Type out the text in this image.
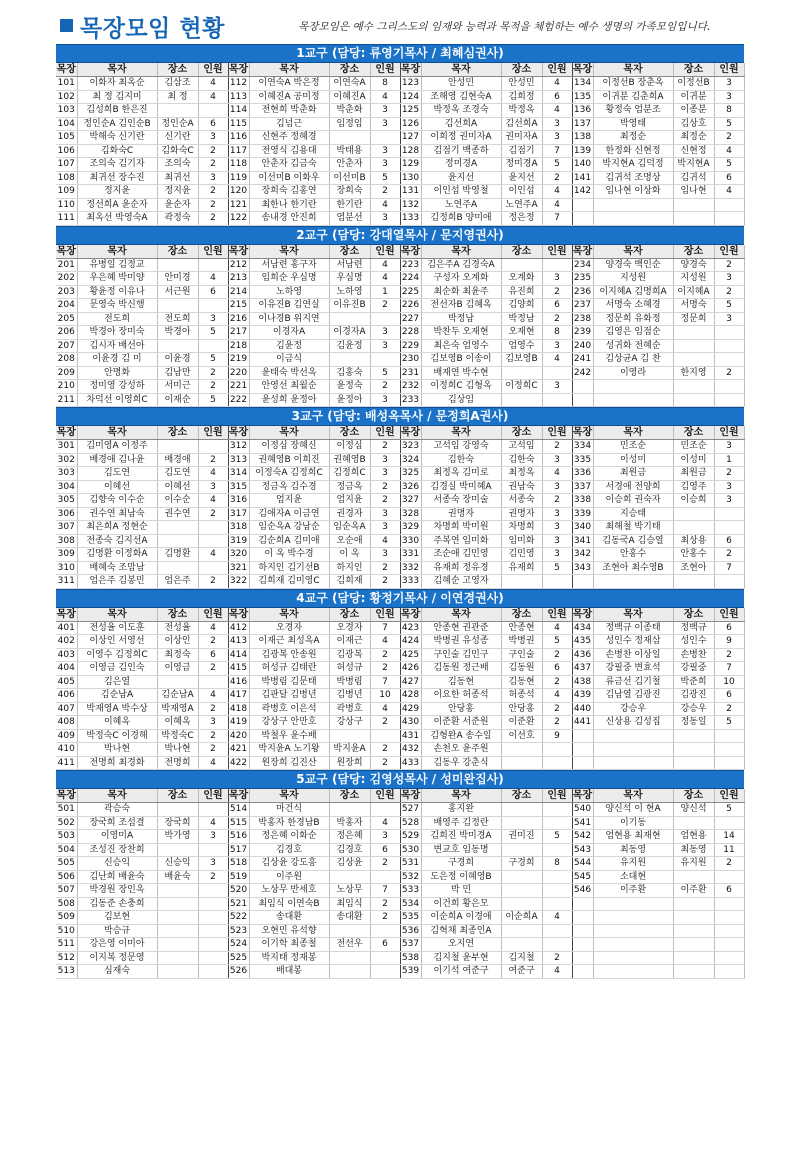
목장모임 현황	목장모임은 예수 그리스도의 임재와 능력과 목적을 체험하는 예수 생명의 가족모임입니다.
1교구 (담당: 류영기목사 / 최혜심권사)
목장	목자	장소	인원	목장	목자	장소	인원	목장	목자	장소	인원	목장	목자	장소	인원
101	이화자 최옥순	김삼조	4	112	이연숙A 박은정	이연숙A	8	123	안성민	안성민	4	134	이정선B 장춘옥	이정선B	3
102	최 정 김지미	최 정	4	113	이혜진A 공미정	이혜진A	4	124	조해영 김현숙A	김희정	6	135	이귀분 김춘희A	이귀분	3
103	김성희B 한은진			114	전현희 박춘화	박춘화	3	125	박정옥 조경숙	박정옥	4	136	황정숙 엄분조	이종분	8
104	정인순A 김인순B	정인순A	6	115	김넘근	임정임	3	126	김선희A	김선희A	3	137	박영태	김상호	5
105	박해숙 신기란	신기란	3	116	신현주 정혜경			127	이희정 권미자A	권미자A	3	138	최정순	최정순	2
106	김화숙C	김화숙C	2	117	전영식 김용대	박태용	3	128	김점기 백종하	김점기	7	139	한정화 신현정	신현정	4
107	조의숙 김기자	조의숙	2	118	안춘자 김금숙	안춘자	3	129	정미경A	정미경A	5	140	박지현A 김덕정	박지현A	5
108	최귀선 장수진	최귀선	3	119	이선미B 이화우	이선미B	5	130	윤지선	윤지선	2	141	김귀석 조명상	김귀석	6
109	정지윤	정지윤	2	120	장희숙 김홍연	장희숙	2	131	이인섭 박영철	이인섭	4	142	임나현 이상화	임나현	4
110	정선희A 윤순자	윤순자	2	121	최한나 한기란	한기란	4	132	노연주A	노연주A	4				
111	최옥선 박영숙A	곽정숙	2	122	송내경 안진희	염분선	3	133	김정희B 양미애	정은정	7				
2교구 (담당: 강대열목사 / 문지영권사)
목장	목자	장소	인원	목장	목자	장소	인원	목장	목자	장소	인원	목장	목자	장소	인원
201	유병일 김정교			212	서남련 홍구자	서남련	4	223	김은주A 김경숙A			234	양경숙 백인순	양경숙	2
202	우은혜 박미양	안미경	4	213	임희순 우심명	우심명	4	224	구성자 오계화	오계화	3	235	지성원	지성원	3
203	황윤정 이유나	서근원	6	214	노하영	노하영	1	225	최순화 최윤주	유진희	2	236	이지혜A 김명희A	이지혜A	2
204	문영숙 박신행			215	이유진B 김연실	이유진B	2	226	전선자B 김혜옥	김양희	6	237	서명숙 소혜경	서명숙	5
205	전도희	전도희	3	216	이나경B 위지연			227	박정남	박정남	2	238	정문희 유화정	정문희	3
206	박경아 장미숙	박경아	5	217	이경자A	이경자A	3	228	박찬두 오재현	오재현	8	239	김영은 임점순		
207	김시자 배선아			218	김윤정	김윤정	3	229	최은숙 엄영수	엄영수	3	240	성귀화 전혜순		
208	이윤경 김 미	이윤경	5	219	이금식			230	김보영B 이송이	김보영B	4	241	김상균A 김 찬		
209	안명화	김남만	2	220	윤태숙 박선옥	김홍숙	5	231	배재연 박수현			242	이영라	한지영	2
210	정미영 강성하	서미근	2	221	안영선 최월순	윤정숙	2	232	이정희C 김형옥	이정희C	3				
211	차덕선 이영희C	이재순	5	222	윤성희 윤정아	윤정아	3	233	김상임						
3교구 (담당: 배성옥목사 / 문정희A권사)
목장	목자	장소	인원	목장	목자	장소	인원	목장	목자	장소	인원	목장	목자	장소	인원
301	김미영A 이정주			312	이정심 장혜신	이정심	2	323	고석임 강영숙	고석임	2	334	민조순	민조순	3
302	배경애 김나윤	배경애	2	313	권혜영B 이희진	권혜영B	3	324	김한숙	김한숙	3	335	이성미	이성미	1
303	김도연	김도연	4	314	이정숙A 김정희C	김정희C	3	325	최정옥 김미로	최정옥	4	336	최원금	최원금	2
304	이혜선	이혜선	3	315	정금옥 김수경	정금옥	2	326	김경실 박미혜A	권남숙	3	337	서경애 전양희	김영주	3
305	김향숙 이수순	이수순	4	316	엄지윤	엄지윤	2	327	서종숙 장미술	서종숙	2	338	이승희 권숙자	이승희	3
306	권수연 최남숙	권수연	2	317	김애자A 이금연	권경자	3	328	권명자	권명자	3	339	지승태		
307	최은희A 정현순			318	임순옥A 강남순	임순옥A	3	329	차명희 박미원	차명희	3	340	최해철 박기태		
308	전종숙 김지선A			319	김순희A 김미애	오순애	4	330	주복연 임미화	임미화	3	341	김동국A 김승열	최상용	6
309	김명환 이정화A	김명환	4	320	이 옥 박수경	이 옥	3	331	조순애 김민영	김민영	3	342	안홍수	안홍수	2
310	배혜숙 조맘남			321	하지인 김기선B	하지인	2	332	유재희 정유경	유재희	5	343	조현아 최수영B	조현아	7
311	엄은주 김봉민	엄은주	2	322	김희재 김미영C	김희재	2	333	김혜순 고영자						
4교구 (담당: 황정기목사 / 이연경권사)
목장	목자	장소	인원	목장	목자	장소	인원	목장	목자	장소	인원	목장	목자	장소	인원
401	전성율 이도훈	전성율	4	412	오경자	오경자	7	423	안종현 권관준	안종현	4	434	정백규 이종태	정백규	6
402	이상인 서영선	이상인	2	413	이재근 최성옥A	이재근	4	424	박병권 유성종	박병권	5	435	성인수 정재삼	성인수	9
403	이영수 김정희C	최정숙	6	414	김광복 안송원	김광복	2	425	구인술 김민구	구인술	2	436	손병찬 이상일	손병찬	2
404	이영금 김인숙	이영금	2	415	허성규 김태란	허성규	2	426	김동원 정근배	김동원	6	437	강필중 변효석	강필중	7
405	김은열			416	박병림 김문태	박병림	7	427	김동현	김동현	2	438	류금선 김기철	박준희	10
406	김순남A	김순남A	4	417	김판달 김병년	김병년	10	428	이요한 허종석	허종석	4	439	김남열 김광진	김광진	6
407	박재영A 박수상	박재영A	2	418	곽병호 이은석	곽병호	4	429	안당홍	안당홍	2	440	강승우	강승우	2
408	이혜옥	이혜옥	3	419	강상구 안만호	강상구	2	430	이준환 서준원	이준환	2	441	신상용 김성집	정동일	5
409	박정숙C 이경해	박정숙C	2	420	박철우 윤수배			431	김형완A 송수일	이선호	9				
410	박나현	박나현	2	421	박지윤A 노기왕	박지윤A	2	432	손천오 윤주원						
411	전명희 최경화	전명희	4	422	원장희 김진산	원장희	2	433	김동우 강춘식						
5교구 (담당: 김영성목사 / 성미완집사)
목장	목자	장소	인원	목장	목자	장소	인원	목장	목자	장소	인원	목장	목자	장소	인원
501	곽승숙			514	마건식			527	홍지완			540	양신석 이 현A	양신석	5
502	장국희 조섬결	장국희	4	515	박홍자 한경남B	박홍자	4	528	배영주 김정란			541	이기동		
503	이영미A	박가영	3	516	정은혜 이화순	정은혜	3	529	김희진 박미경A	권미진	5	542	엄현용 최재현	엄현용	14
504	조성진 장찬희			517	김경호	김경호	6	530	변교호 임동명			543	최동영	최동영	11
505	신승익	신승익	3	518	김상윤 강도흥	김상윤	2	531	구경희	구경희	8	544	유지원	유지원	2
506	김난희 배윤숙	배윤숙	2	519	이주원			532	도은정 이혜영B			545	소대현		
507	박경원 장인옥			520	노상무 반세호	노상무	7	533	박 민			546	이주환	이주환	6
508	김동준 손충희			521	최임식 이연숙B	최임식	2	534	이건희 황은모						
509	김보현			522	송대환	송대환	2	535	이순희A 이경애	이순희A	4				
510	박승규			523	오현민 유석향			536	김혁채 최종인A						
511	강은영 이미아			524	이기학 최종철	전선우	6	537	오지연						
512	이지복 정문영			525	박지태 정재봉			538	김지철 윤부현	김지철	2				
513	심재숙			526	배대봉			539	이기석 여준구	여준구	4				
